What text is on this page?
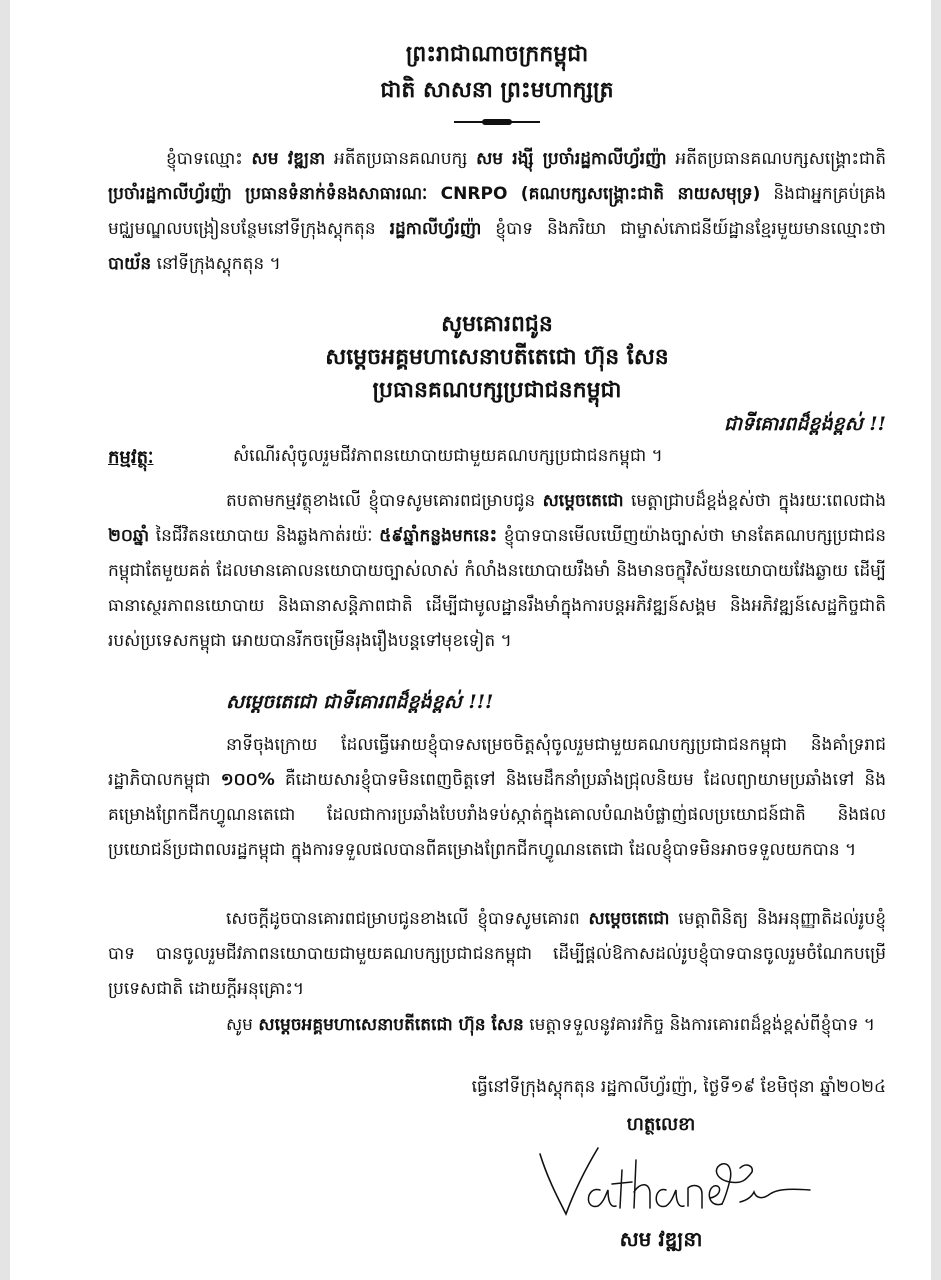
ព្រះរាជាណាចក្រកម្ពុជា
ជាតិ សាសនា ព្រះមហាក្សត្រ
ខ្ញុំបាទឈ្មោះ សម វឌ្ឍនា អតីតប្រធានគណបក្ស សម រង្ស៊ី ប្រចាំរដ្ឋកាលីហ្វ័រញ៉ា អតីតប្រធានគណបក្សសង្គ្រោះជាតិ ប្រចាំរដ្ឋកាលីហ្វ័រញ៉ា ប្រធានទំនាក់ទំនងសាធារណៈ CNRPO (គណបក្សសង្គ្រោះជាតិ នាយសមុទ្រ) និងជាអ្នកគ្រប់គ្រងមជ្ឈមណ្ឌលបង្រៀនបន្ថែមនៅទីក្រុងស្តុកតុន រដ្ឋកាលីហ្វ័រញ៉ា ខ្ញុំបាទ និងភរិយា ជាម្ចាស់ភោជនីយ៍ដ្ឋានខ្មែរមួយមានឈ្មោះថា បាយ័ន នៅទីក្រុងស្តុកតុន ។
សូមគោរពជូន
សម្តេចអគ្គមហាសេនាបតីតេជោ ហ៊ុន សែន
ប្រធានគណបក្សប្រជាជនកម្ពុជា
ជាទីគោរពដ៏ខ្ពង់ខ្ពស់ !!
កម្មវត្ថុៈ	សំណើរសុំចូលរួមជីវភាពនយោបាយជាមួយគណបក្សប្រជាជនកម្ពុជា ។
តបតាមកម្មវត្ថុខាងលើ ខ្ញុំបាទសូមគោរពជម្រាបជូន សម្តេចតេជោ មេត្តាជ្រាបដ៏ខ្ពង់ខ្ពស់ថា ក្នុងរយៈពេលជាង ២០ឆ្នាំ នៃជីវិតនយោបាយ និងឆ្លងកាត់រយ៉ៈ ៥៩ឆ្នាំកន្លងមកនេះ ខ្ញុំបាទបានមើលឃើញយ៉ាងច្បាស់ថា មានតែគណបក្សប្រជាជនកម្ពុជាតែមួយគត់ ដែលមានគោលនយោបាយច្បាស់លាស់ កំលាំងនយោបាយរឹងមាំ និងមានចក្ខុវិស័យនយោបាយវែងឆ្ងាយ ដើម្បីធានាស្ថេរភាពនយោបាយ និងធានាសន្តិភាពជាតិ ដើម្បីជាមូលដ្ឋានរឹងមាំក្នុងការបន្តអភិវឌ្ឍន៍សង្គម និងអភិវឌ្ឍន៍សេដ្ឋកិច្ចជាតិ របស់ប្រទេសកម្ពុជា អោយបានរីកចម្រើនរុងរឿងបន្តទៅមុខទៀត ។
សម្តេចតេជោ ជាទីគោរពដ៏ខ្ពង់ខ្ពស់ !!!
នាទីចុងក្រោយ ដែលធ្វើអោយខ្ញុំបាទសម្រេចចិត្តសុំចូលរួមជាមួយគណបក្សប្រជាជនកម្ពុជា និងគាំទ្ររាជរដ្ឋាភិបាលកម្ពុជា ១០០% គឺដោយសារខ្ញុំបាទមិនពេញចិត្តទៅ និងមេដឹកនាំប្រឆាំងជ្រុលនិយម ដែលព្យាយាមប្រឆាំងទៅ និងគម្រោងព្រែកជីកហ្វូណនតេជោ ដែលជាការប្រឆាំងបែបរាំងទប់ស្កាត់ក្នុងគោលបំណងបំផ្លាញ់ផលប្រយោជន៍ជាតិ និងផលប្រយោជន៍ប្រជាពលរដ្ឋកម្ពុជា ក្នុងការទទួលផលបានពីគម្រោងព្រែកជីកហ្វូណនតេជោ ដែលខ្ញុំបាទមិនអាចទទួលយកបាន ។
សេចក្តីដូចបានគោរពជម្រាបជូនខាងលើ ខ្ញុំបាទសូមគោរព សម្តេចតេជោ មេត្តាពិនិត្យ និងអនុញ្ញាតិដល់រូបខ្ញុំបាទ បានចូលរួមជីវភាពនយោបាយជាមួយគណបក្សប្រជាជនកម្ពុជា ដើម្បីផ្តល់ឱកាសដល់រូបខ្ញុំបាទបានចូលរួមចំណែកបម្រើប្រទេសជាតិ ដោយក្តីអនុគ្រោះ។
សូម សម្តេចអគ្គមហាសេនាបតីតេជោ ហ៊ុន សែន មេត្តាទទួលនូវគារវកិច្ច និងការគោរពដ៏ខ្ពង់ខ្ពស់ពីខ្ញុំបាទ ។
ធ្វើនៅទីក្រុងស្តុកតុន រដ្ឋកាលីហ្វ័រញ៉ា, ថ្ងៃទី១៩ ខែមិថុនា ឆ្នាំ២០២៤
ហត្ថលេខា
សម វឌ្ឍនា
